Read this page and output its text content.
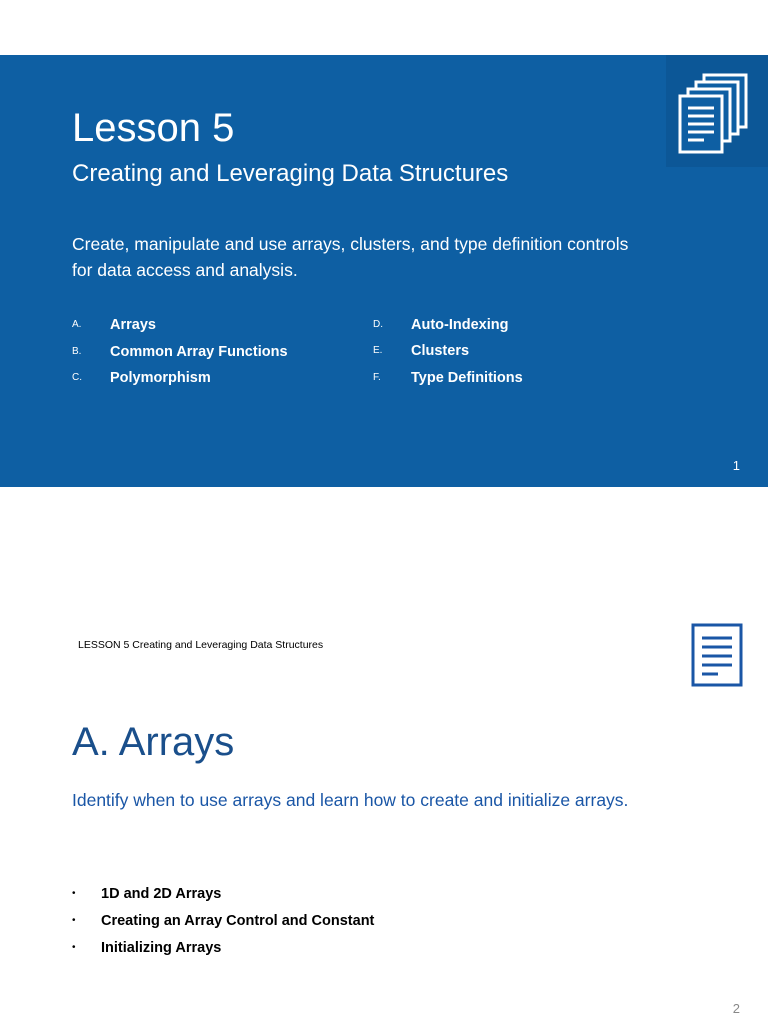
Lesson 5
Creating and Leveraging Data Structures
Create, manipulate and use arrays, clusters, and type definition controls for data access and analysis.
A. Arrays
B. Common Array Functions
C. Polymorphism
D. Auto-Indexing
E. Clusters
F. Type Definitions
1
LESSON 5 Creating and Leveraging Data Structures
A. Arrays
Identify when to use arrays and learn how to create and initialize arrays.
• 1D and 2D Arrays
• Creating an Array Control and Constant
• Initializing Arrays
2
